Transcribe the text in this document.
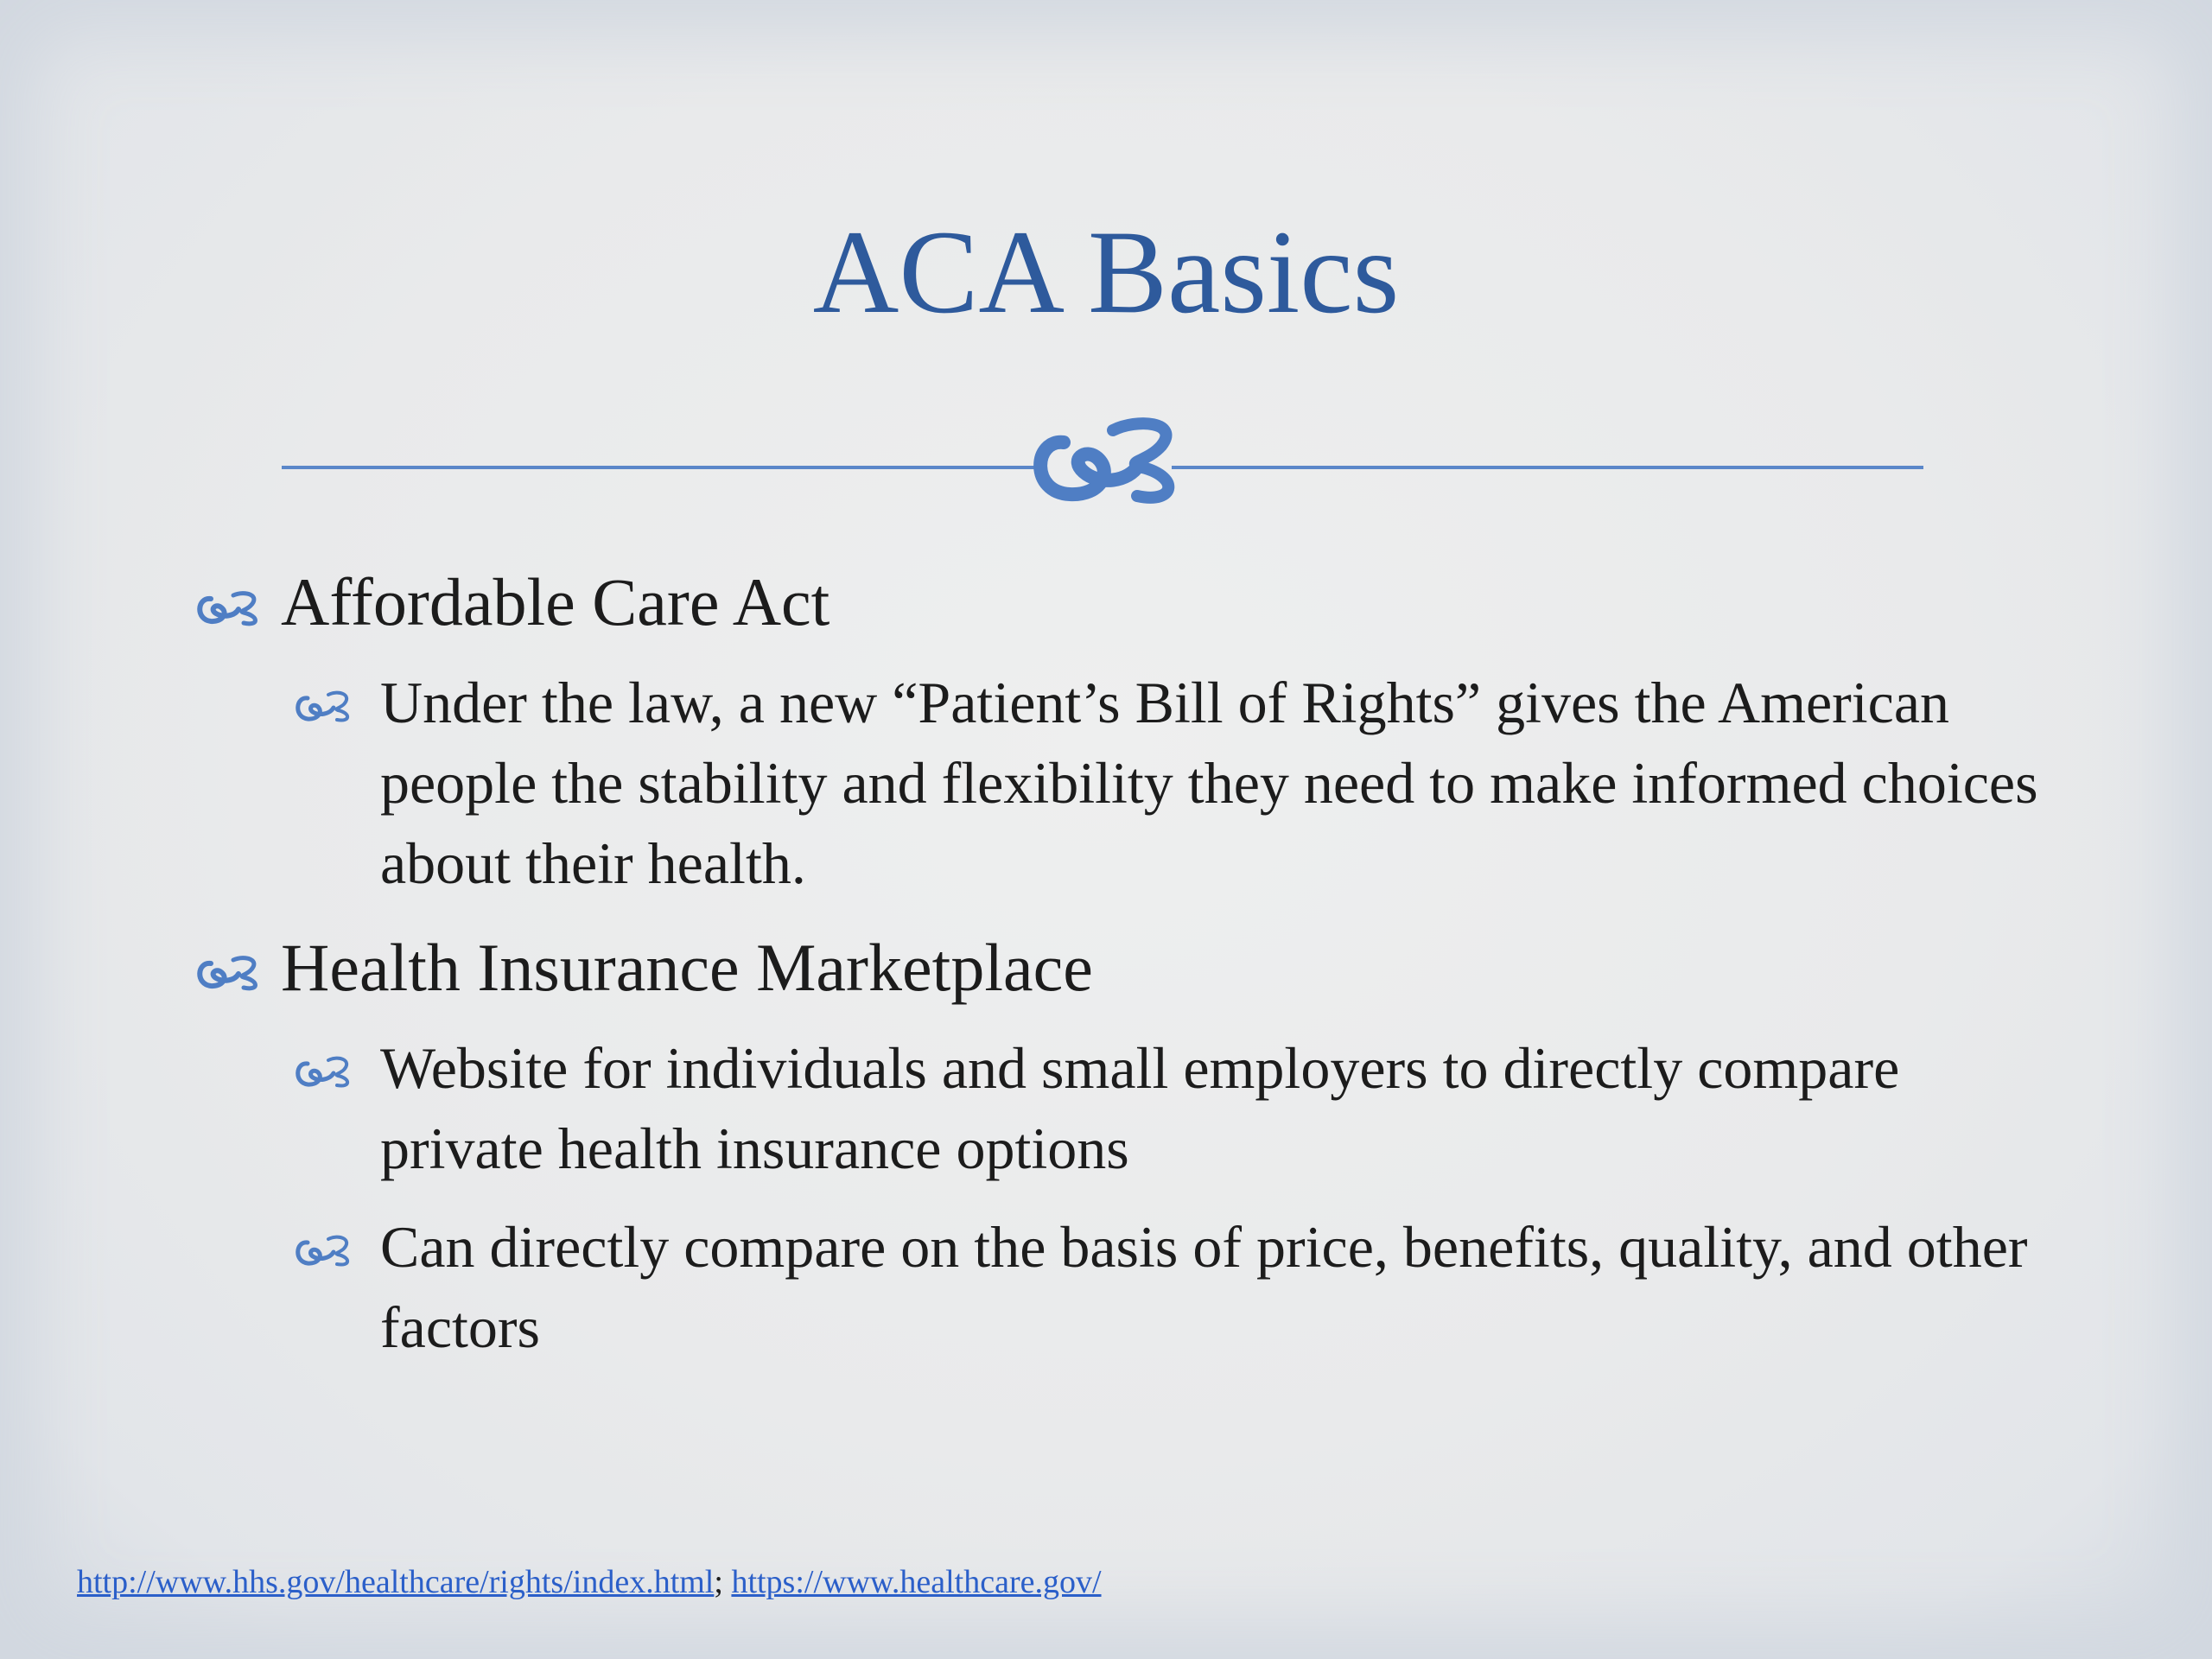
ACA Basics
Affordable Care Act
Under the law, a new “Patient’s Bill of Rights” gives the American people the stability and flexibility they need to make informed choices about their health.
Health Insurance Marketplace
Website for individuals and small employers to directly compare private health insurance options
Can directly compare on the basis of price, benefits, quality, and other factors
http://www.hhs.gov/healthcare/rights/index.html; https://www.healthcare.gov/
